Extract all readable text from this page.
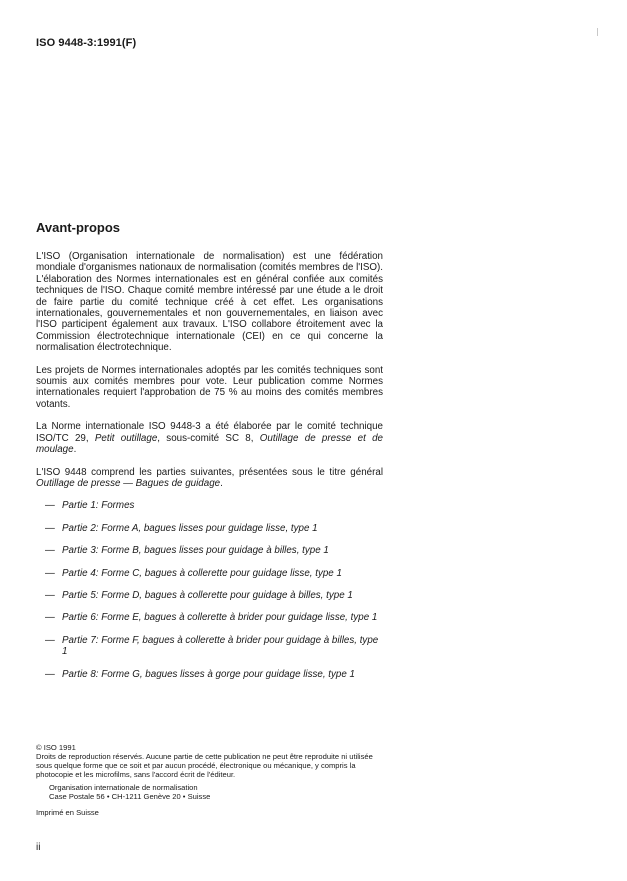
ISO 9448-3:1991(F)
Avant-propos

L'ISO (Organisation internationale de normalisation) est une fédération mondiale d'organismes nationaux de normalisation (comités membres de l'ISO). L'élaboration des Normes internationales est en général confiée aux comités techniques de l'ISO. Chaque comité membre intéressé par une étude a le droit de faire partie du comité technique créé à cet effet. Les organisations internationales, gouvernementales et non gouvernementales, en liaison avec l'ISO participent également aux travaux. L'ISO collabore étroitement avec la Commission électrotechnique internationale (CEI) en ce qui concerne la normalisation électrotechnique.

Les projets de Normes internationales adoptés par les comités techniques sont soumis aux comités membres pour vote. Leur publication comme Normes internationales requiert l'approbation de 75 % au moins des comités membres votants.

La Norme internationale ISO 9448-3 a été élaborée par le comité technique ISO/TC 29, Petit outillage, sous-comité SC 8, Outillage de presse et de moulage.

L'ISO 9448 comprend les parties suivantes, présentées sous le titre général Outillage de presse — Bagues de guidage.

— Partie 1: Formes
— Partie 2: Forme A, bagues lisses pour guidage lisse, type 1
— Partie 3: Forme B, bagues lisses pour guidage à billes, type 1
— Partie 4: Forme C, bagues à collerette pour guidage lisse, type 1
— Partie 5: Forme D, bagues à collerette pour guidage à billes, type 1
— Partie 6: Forme E, bagues à collerette à brider pour guidage lisse, type 1
— Partie 7: Forme F, bagues à collerette à brider pour guidage à billes, type 1
— Partie 8: Forme G, bagues lisses à gorge pour guidage lisse, type 1
© ISO 1991
Droits de reproduction réservés. Aucune partie de cette publication ne peut être reproduite ni utilisée sous quelque forme que ce soit et par aucun procédé, électronique ou mécanique, y compris la photocopie et les microfilms, sans l'accord écrit de l'éditeur.
Organisation internationale de normalisation
Case Postale 56 • CH-1211 Genève 20 • Suisse
Imprimé en Suisse
ii
